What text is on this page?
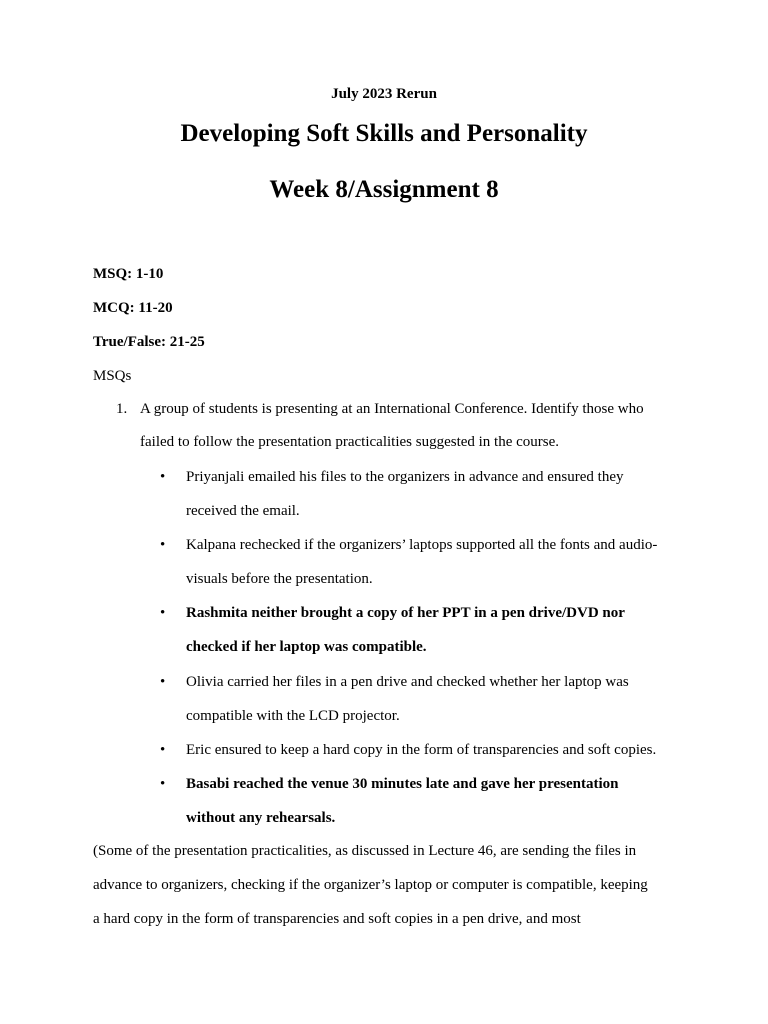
July 2023 Rerun

Developing Soft Skills and Personality
Week 8/Assignment 8

MSQ: 1-10

MCQ: 11-20

True/False: 21-25

MSQs

1. A group of students is presenting at an International Conference. Identify those who
failed to follow the presentation practicalities suggested in the course.
• Priyanjali emailed his files to the organizers in advance and ensured they
received the email.
• Kalpana rechecked if the organizers’ laptops supported all the fonts and audio-
visuals before the presentation.
• Rashmita neither brought a copy of her PPT in a pen drive/DVD nor
checked if her laptop was compatible.
• Olivia carried her files in a pen drive and checked whether her laptop was
compatible with the LCD projector.
• Eric ensured to keep a hard copy in the form of transparencies and soft copies.
• Basabi reached the venue 30 minutes late and gave her presentation
without any rehearsals.

(Some of the presentation practicalities, as discussed in Lecture 46, are sending the files in

advance to organizers, checking if the organizer’s laptop or computer is compatible, keeping

a hard copy in the form of transparencies and soft copies in a pen drive, and most
